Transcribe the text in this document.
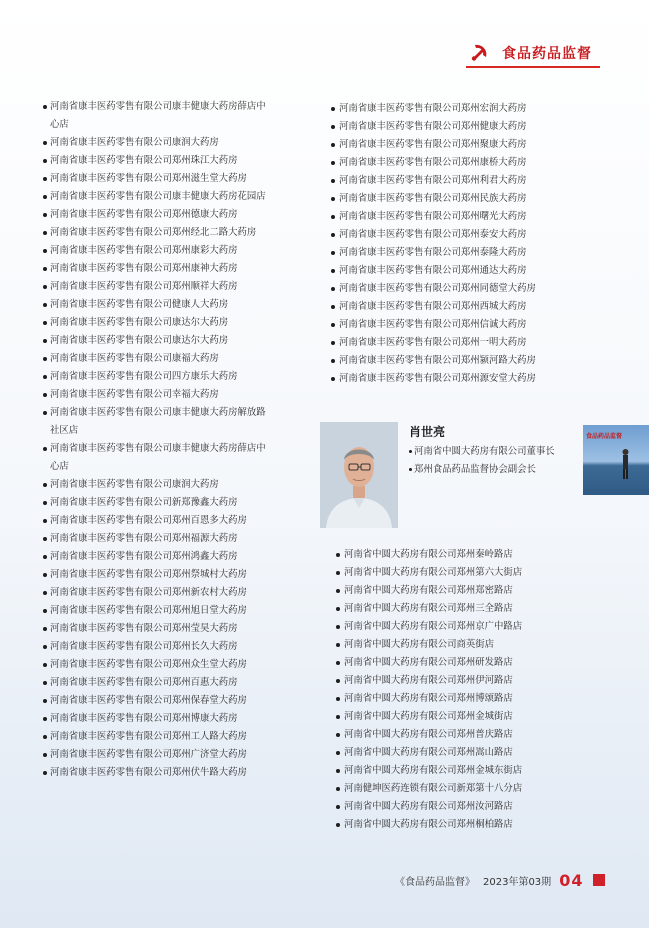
食品药品监督
河南省康丰医药零售有限公司康丰健康大药房薛店中心店
河南省康丰医药零售有限公司康润大药房
河南省康丰医药零售有限公司郑州珠江大药房
河南省康丰医药零售有限公司郑州滋生堂大药房
河南省康丰医药零售有限公司康丰健康大药房花园店
河南省康丰医药零售有限公司郑州德康大药房
河南省康丰医药零售有限公司郑州经北二路大药房
河南省康丰医药零售有限公司郑州康彩大药房
河南省康丰医药零售有限公司郑州康神大药房
河南省康丰医药零售有限公司郑州顺祥大药房
河南省康丰医药零售有限公司健康人大药房
河南省康丰医药零售有限公司康达尔大药房
河南省康丰医药零售有限公司康达尔大药房
河南省康丰医药零售有限公司康福大药房
河南省康丰医药零售有限公司四方康乐大药房
河南省康丰医药零售有限公司幸福大药房
河南省康丰医药零售有限公司康丰健康大药房解放路社区店
河南省康丰医药零售有限公司康丰健康大药房薛店中心店
河南省康丰医药零售有限公司康润大药房
河南省康丰医药零售有限公司新郑豫鑫大药房
河南省康丰医药零售有限公司郑州百恩多大药房
河南省康丰医药零售有限公司郑州福源大药房
河南省康丰医药零售有限公司郑州鸿鑫大药房
河南省康丰医药零售有限公司郑州祭城村大药房
河南省康丰医药零售有限公司郑州新农村大药房
河南省康丰医药零售有限公司郑州旭日堂大药房
河南省康丰医药零售有限公司郑州莹昊大药房
河南省康丰医药零售有限公司郑州长久大药房
河南省康丰医药零售有限公司郑州众生堂大药房
河南省康丰医药零售有限公司郑州百惠大药房
河南省康丰医药零售有限公司郑州保春堂大药房
河南省康丰医药零售有限公司郑州博康大药房
河南省康丰医药零售有限公司郑州工人路大药房
河南省康丰医药零售有限公司郑州广济堂大药房
河南省康丰医药零售有限公司郑州伏牛路大药房
河南省康丰医药零售有限公司郑州宏润大药房
河南省康丰医药零售有限公司郑州健康大药房
河南省康丰医药零售有限公司郑州聚康大药房
河南省康丰医药零售有限公司郑州康桥大药房
河南省康丰医药零售有限公司郑州利君大药房
河南省康丰医药零售有限公司郑州民族大药房
河南省康丰医药零售有限公司郑州曙光大药房
河南省康丰医药零售有限公司郑州泰安大药房
河南省康丰医药零售有限公司郑州泰隆大药房
河南省康丰医药零售有限公司郑州通达大药房
河南省康丰医药零售有限公司郑州同德堂大药房
河南省康丰医药零售有限公司郑州西城大药房
河南省康丰医药零售有限公司郑州信诚大药房
河南省康丰医药零售有限公司郑州一明大药房
河南省康丰医药零售有限公司郑州颍河路大药房
河南省康丰医药零售有限公司郑州源安堂大药房
肖世亮
河南省中圆大药房有限公司董事长
郑州食品药品监督协会副会长
食品药品监督
河南省中圆大药房有限公司郑州秦岭路店
河南省中圆大药房有限公司郑州第六大街店
河南省中圆大药房有限公司郑州郑密路店
河南省中圆大药房有限公司郑州三全路店
河南省中圆大药房有限公司郑州京广中路店
河南省中圆大药房有限公司商英街店
河南省中圆大药房有限公司郑州研发路店
河南省中圆大药房有限公司郑州伊河路店
河南省中圆大药房有限公司郑州博颂路店
河南省中圆大药房有限公司郑州金城街店
河南省中圆大药房有限公司郑州普庆路店
河南省中圆大药房有限公司郑州嵩山路店
河南省中圆大药房有限公司郑州金城东街店
河南健坤医药连锁有限公司新郑第十八分店
河南省中圆大药房有限公司郑州汝河路店
河南省中圆大药房有限公司郑州桐柏路店
《食品药品监督》 2023年第03期 04
